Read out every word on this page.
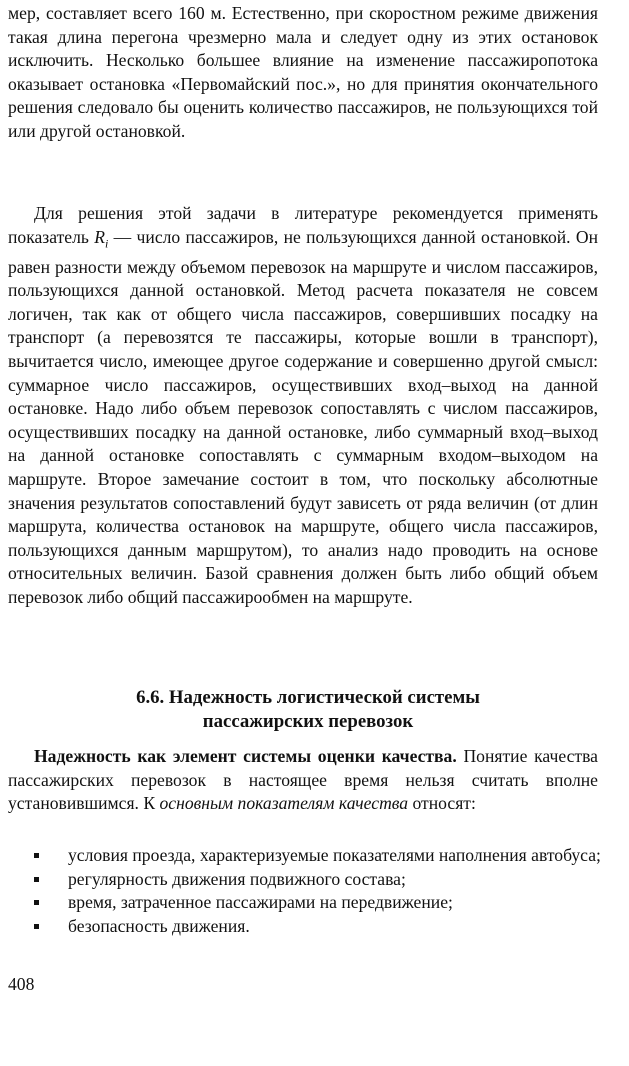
мер, составляет всего 160 м. Естественно, при скоростном режиме движения такая длина перегона чрезмерно мала и следует одну из этих остановок исключить. Несколько большее влияние на изменение пассажиропотока оказывает остановка «Первомайский пос.», но для принятия окончательного решения следовало бы оценить количество пассажиров, не пользующихся той или другой остановкой.

Для решения этой задачи в литературе рекомендуется применять показатель $R_i$ — число пассажиров, не пользующихся данной остановкой. Он равен разности между объемом перевозок на маршруте и числом пассажиров, пользующихся данной остановкой. Метод расчета показателя не совсем логичен, так как от общего числа пассажиров, совершивших посадку на транспорт (а перевозятся те пассажиры, которые вошли в транспорт), вычитается число, имеющее другое содержание и совершенно другой смысл: суммарное число пассажиров, осуществивших вход–выход на данной остановке. Надо либо объем перевозок сопоставлять с числом пассажиров, осуществивших посадку на данной остановке, либо суммарный вход–выход на данной остановке сопоставлять с суммарным входом–выходом на маршруте. Второе замечание состоит в том, что поскольку абсолютные значения результатов сопоставлений будут зависеть от ряда величин (от длин маршрута, количества остановок на маршруте, общего числа пассажиров, пользующихся данным маршрутом), то анализ надо проводить на основе относительных величин. Базой сравнения должен быть либо общий объем перевозок либо общий пассажирообмен на маршруте.

6.6. Надежность логистической системы
пассажирских перевозок

Надежность как элемент системы оценки качества. Понятие качества пассажирских перевозок в настоящее время нельзя считать вполне установившимся. К основным показателям качества относят:

условия проезда, характеризуемые показателями наполнения автобуса;
регулярность движения подвижного состава;
время, затраченное пассажирами на передвижение;
безопасность движения.
408
